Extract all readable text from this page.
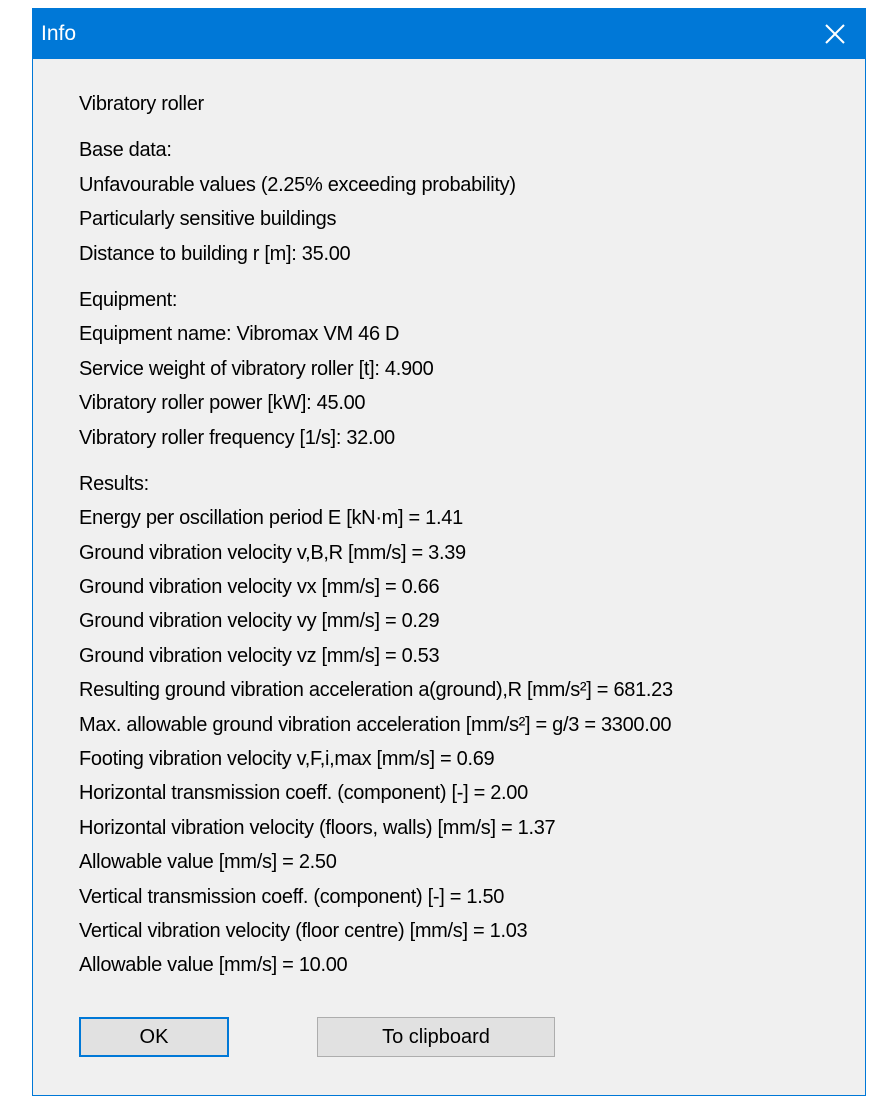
Info
Vibratory roller
Base data:
Unfavourable values (2.25% exceeding probability)
Particularly sensitive buildings
Distance to building r [m]: 35.00
Equipment:
Equipment name: Vibromax VM 46 D
Service weight of vibratory roller [t]: 4.900
Vibratory roller power [kW]: 45.00
Vibratory roller frequency [1/s]: 32.00
Results:
Energy per oscillation period E [kN·m] = 1.41
Ground vibration velocity v,B,R [mm/s] = 3.39
Ground vibration velocity vx [mm/s] = 0.66
Ground vibration velocity vy [mm/s] = 0.29
Ground vibration velocity vz [mm/s] = 0.53
Resulting ground vibration acceleration a(ground),R [mm/s²] = 681.23
Max. allowable ground vibration acceleration [mm/s²] = g/3 = 3300.00
Footing vibration velocity v,F,i,max [mm/s] = 0.69
Horizontal transmission coeff. (component) [-] = 2.00
Horizontal vibration velocity (floors, walls) [mm/s] = 1.37
Allowable value [mm/s] = 2.50
Vertical transmission coeff. (component) [-] = 1.50
Vertical vibration velocity (floor centre) [mm/s] = 1.03
Allowable value [mm/s] = 10.00
OK	To clipboard
